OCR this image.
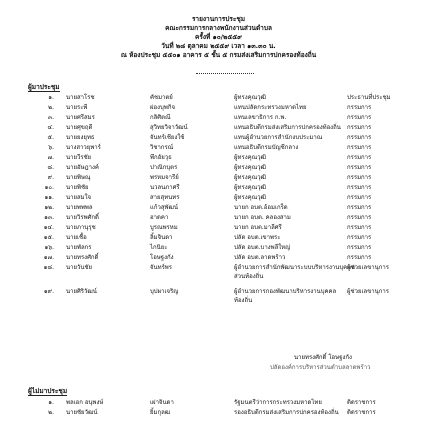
รายงานการประชุม
คณะกรรมการกลางพนักงานส่วนตำบล
ครั้งที่ ๑๐/๒๕๕๙
วันที่ ๒๘ ตุลาคม ๒๕๕๙ เวลา ๑๓.๓๐ น.
ณ ห้องประชุม ๕๕๐๑ อาคาร ๕ ชั้น ๕ กรมส่งเสริมการปกครองท้องถิ่น
ผู้มาประชุม
๑. นายสาโรช	คัชมาตย์	ผู้ทรงคุณวุฒิ	ประธานที่ประชุม
๒. นายระพี	ผ่องบุพกิจ	แทนปลัดกระทรวงมหาดไทย	กรรมการ
๓. นายศรีสมร	กลิศิตณี	แทนเลขาธิการ ก.พ.	กรรมการ
๔. นายศุขฤดี	สุวิทยวิจาวัฒน์	แทนอธิบดีกรมส่งเสริมการปกครองท้องถิ่น กรรมการ
๕. นายยงยุทธ	จันทร์เชียงใช้	แทนผู้อำนวยการสำนักงบประมาณ	กรรมการ
๖. นางสาวยุพาร์	วิชากรณ์	แทนอธิบดีกรมบัญชีกลาง	กรรมการ
๗. นายวีรชัย	พึกอัยวุธ	ผู้ทรงคุณวุฒิ	กรรมการ
๘. นายอัษฎางค์	ปาณิกบุตร	ผู้ทรงคุณวุฒิ	กรรมการ
๙. นายพิษณุ	พรหมจารีย์	ผู้ทรงคุณวุฒิ	กรรมการ
๑๐. นายพิชัย	นวลนภาศรี	ผู้ทรงคุณวุฒิ	กรรมการ
๑๑. นายสมใจ	สายสุทนทร	ผู้ทรงคุณวุฒิ	กรรมการ
๑๒. นายพพพล	แก้วสุพัฒน์	นายก อบต.อ้อมเกร็ด	กรรมการ
๑๓. นายวิรพศักดิ์	ฮาดคา	นายก อบต. คลองสาม	กรรมการ
๑๔. นายภานุรุช	บูรณพรหม	นายก อบต.มาลีศรี	กรรมการ
๑๕. นายเชื้อ	ลิ้มจินดา	ปลัด อบต.เขาพระ	กรรมการ
๑๖. นายพัลกร	ไกนิยะ	ปลัด อบต.บางพลีใหญ่	กรรมการ
๑๗. นายทรงศักดิ์	โอษฐงกัง	ปลัด อบต.ลาดพร้าว	กรรมการ
๑๘. นายวันชัย	จันทร์พร	ผู้อำนวยการสำนักพัฒนาระบบบริหารงานบุคคล
ส่วนท้องถิ่น
ผู้ช่วยเลขานุการ
๑๙. นายศิริวัฒน์	บุปผาเจริญ	ผู้อำนวยการกองพัฒนาบริหารงานบุคคล
ท้องถิ่น
ผู้ช่วยเลขานุการ
นายทรงศักดิ์ โอษฐงกัง
ปลัดองค์การบริหารส่วนตำบลลาดพร้าว
ผู้ไม่มาประชุม
๑. พลเอก อนุพงษ์	เผ่าจินดา	รัฐมนตรีว่าการกระทรวงมหาดไทย	ติดราชการ
๒. นายชัยวัฒน์	ยิ้มกุลฒ	รองอธิบดีกรมส่งเสริมการปกครองท้องถิ่น ติดราชการ
